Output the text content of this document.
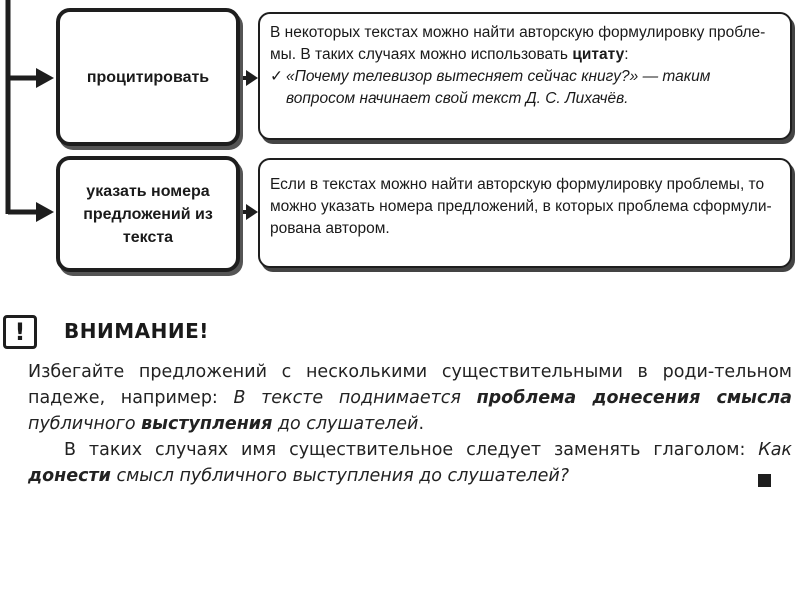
процитировать

В некоторых текстах можно найти авторскую формулировку пробле-
мы. В таких случаях можно использовать цитату:

✓ «Почему телевизор вытесняет сейчас книгу?» — таким вопросом начинает свой текст Д. С. Лихачёв.
указать номера предложений из текста

Если в текстах можно найти авторскую формулировку проблемы, то можно указать номера предложений, в которых проблема сформули-рована автором.

!	ВНИМАНИЕ!

Избегайте предложений с несколькими существительными в роди-тельном падеже, например: В тексте поднимается проблема донесения смысла публичного выступления до слушателей.

В таких случаях имя существительное следует заменять глаголом: Как донести смысл публичного выступления до слушателей?
